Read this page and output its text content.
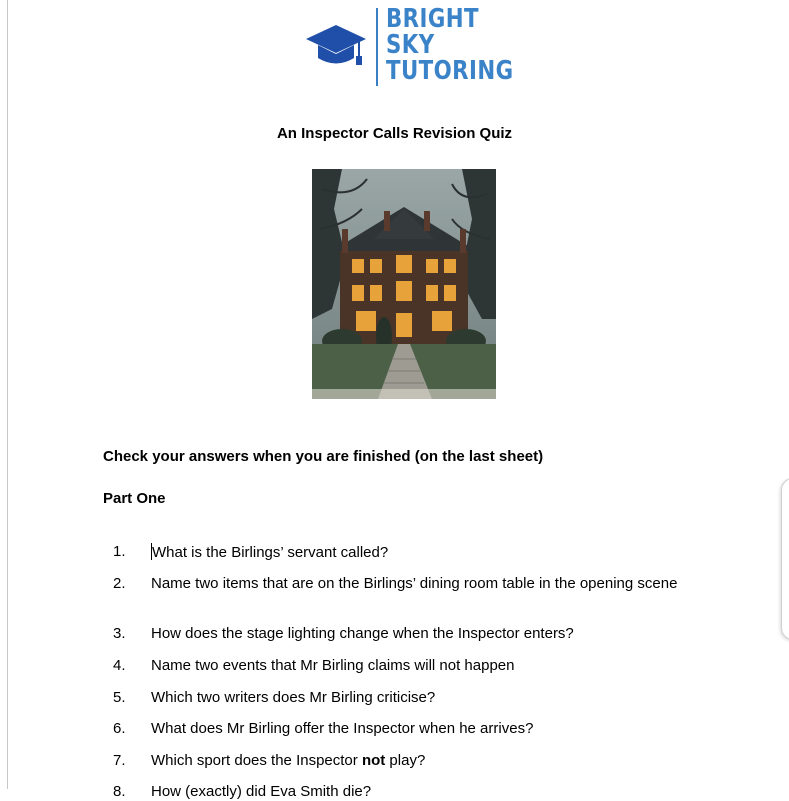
BRIGHT
SKY
TUTORING
An Inspector Calls Revision Quiz
Check your answers when you are finished (on the last sheet)
Part One
1.	What is the Birlings’ servant called?
2.	Name two items that are on the Birlings’ dining room table in the opening scene
3.	How does the stage lighting change when the Inspector enters?
4.	Name two events that Mr Birling claims will not happen
5.	Which two writers does Mr Birling criticise?
6.	What does Mr Birling offer the Inspector when he arrives?
7.	Which sport does the Inspector not play?
8.	How (exactly) did Eva Smith die?
